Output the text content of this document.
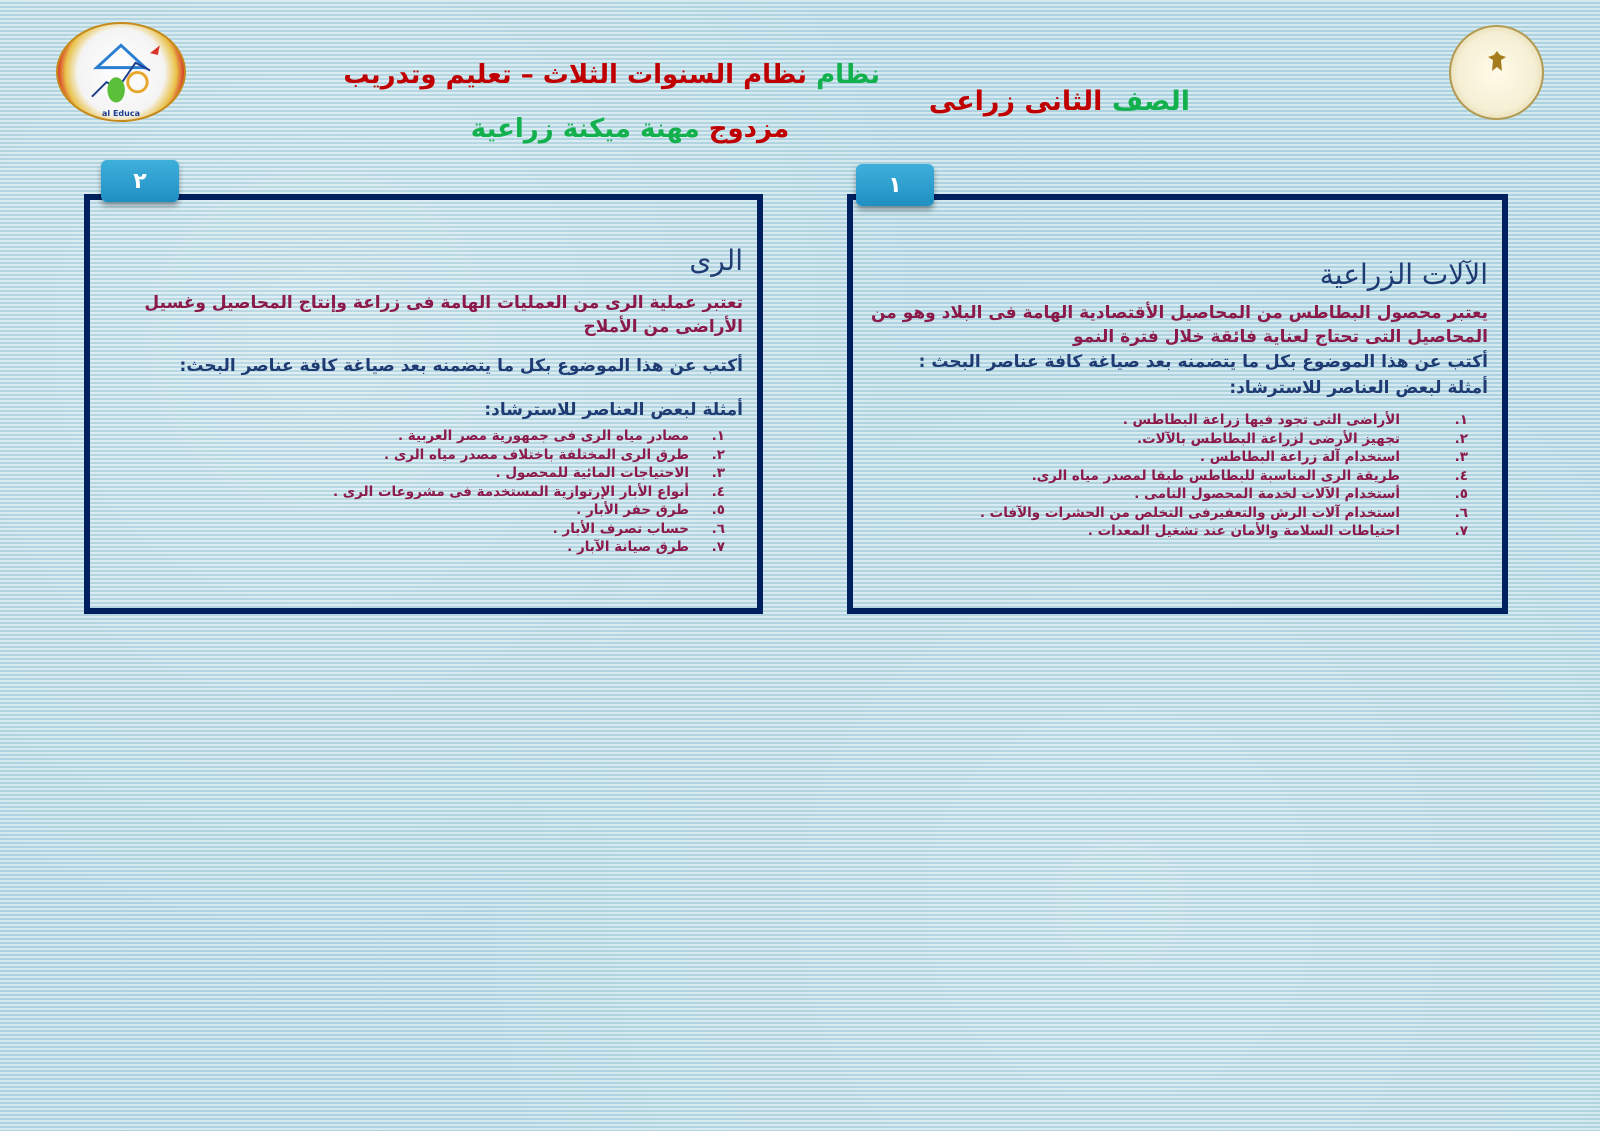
al Educa
نظام نظام السنوات الثلاث – تعليم وتدريب
مزدوج مهنة ميكنة زراعية
الصف الثانى زراعى
٢
الرى
تعتبر عملية الرى من العمليات الهامة فى زراعة وإنتاج المحاصيل وغسيل الأراضى من الأملاح
أكتب عن هذا الموضوع بكل ما يتضمنه بعد صياغة كافة عناصر البحث:
أمثلة لبعض العناصر للاسترشاد:
١.
مصادر مياه الرى فى جمهورية مصر العربية .
٢.
طرق الرى المختلفة باختلاف مصدر مياه الرى .
٣.
الاحتياجات المائية للمحصول .
٤.
أنواع الأبار الإرتوازية المستخدمة فى مشروعات الرى .
٥.
طرق حفر الأبار .
٦.
حساب تصرف الأبار .
٧.
طرق صيانة الآبار .
١
الآلات الزراعية
يعتبر محصول البطاطس من المحاصيل الأقتصادية الهامة فى البلاد وهو من المحاصيل التى تحتاج لعناية فائقة خلال فترة النمو
أكتب عن هذا الموضوع بكل ما يتضمنه بعد صياغة كافة عناصر البحث :
أمثلة لبعض العناصر للاسترشاد:
١.
الأراضى التى تجود فيها زراعة البطاطس .
٢.
تجهيز الأرضى لزراعة البطاطس بالآلات.
٣.
استخدام آلة زراعة البطاطس .
٤.
طريقة الرى المناسبة للبطاطس طبقا لمصدر مياه الرى.
٥.
أستخدام الآلات لخدمة المحصول النامى .
٦.
استخدام آلات الرش والتعفيرفى التخلص من الحشرات والآفات .
٧.
احتياطات السلامة والأمان عند تشغيل المعدات .
